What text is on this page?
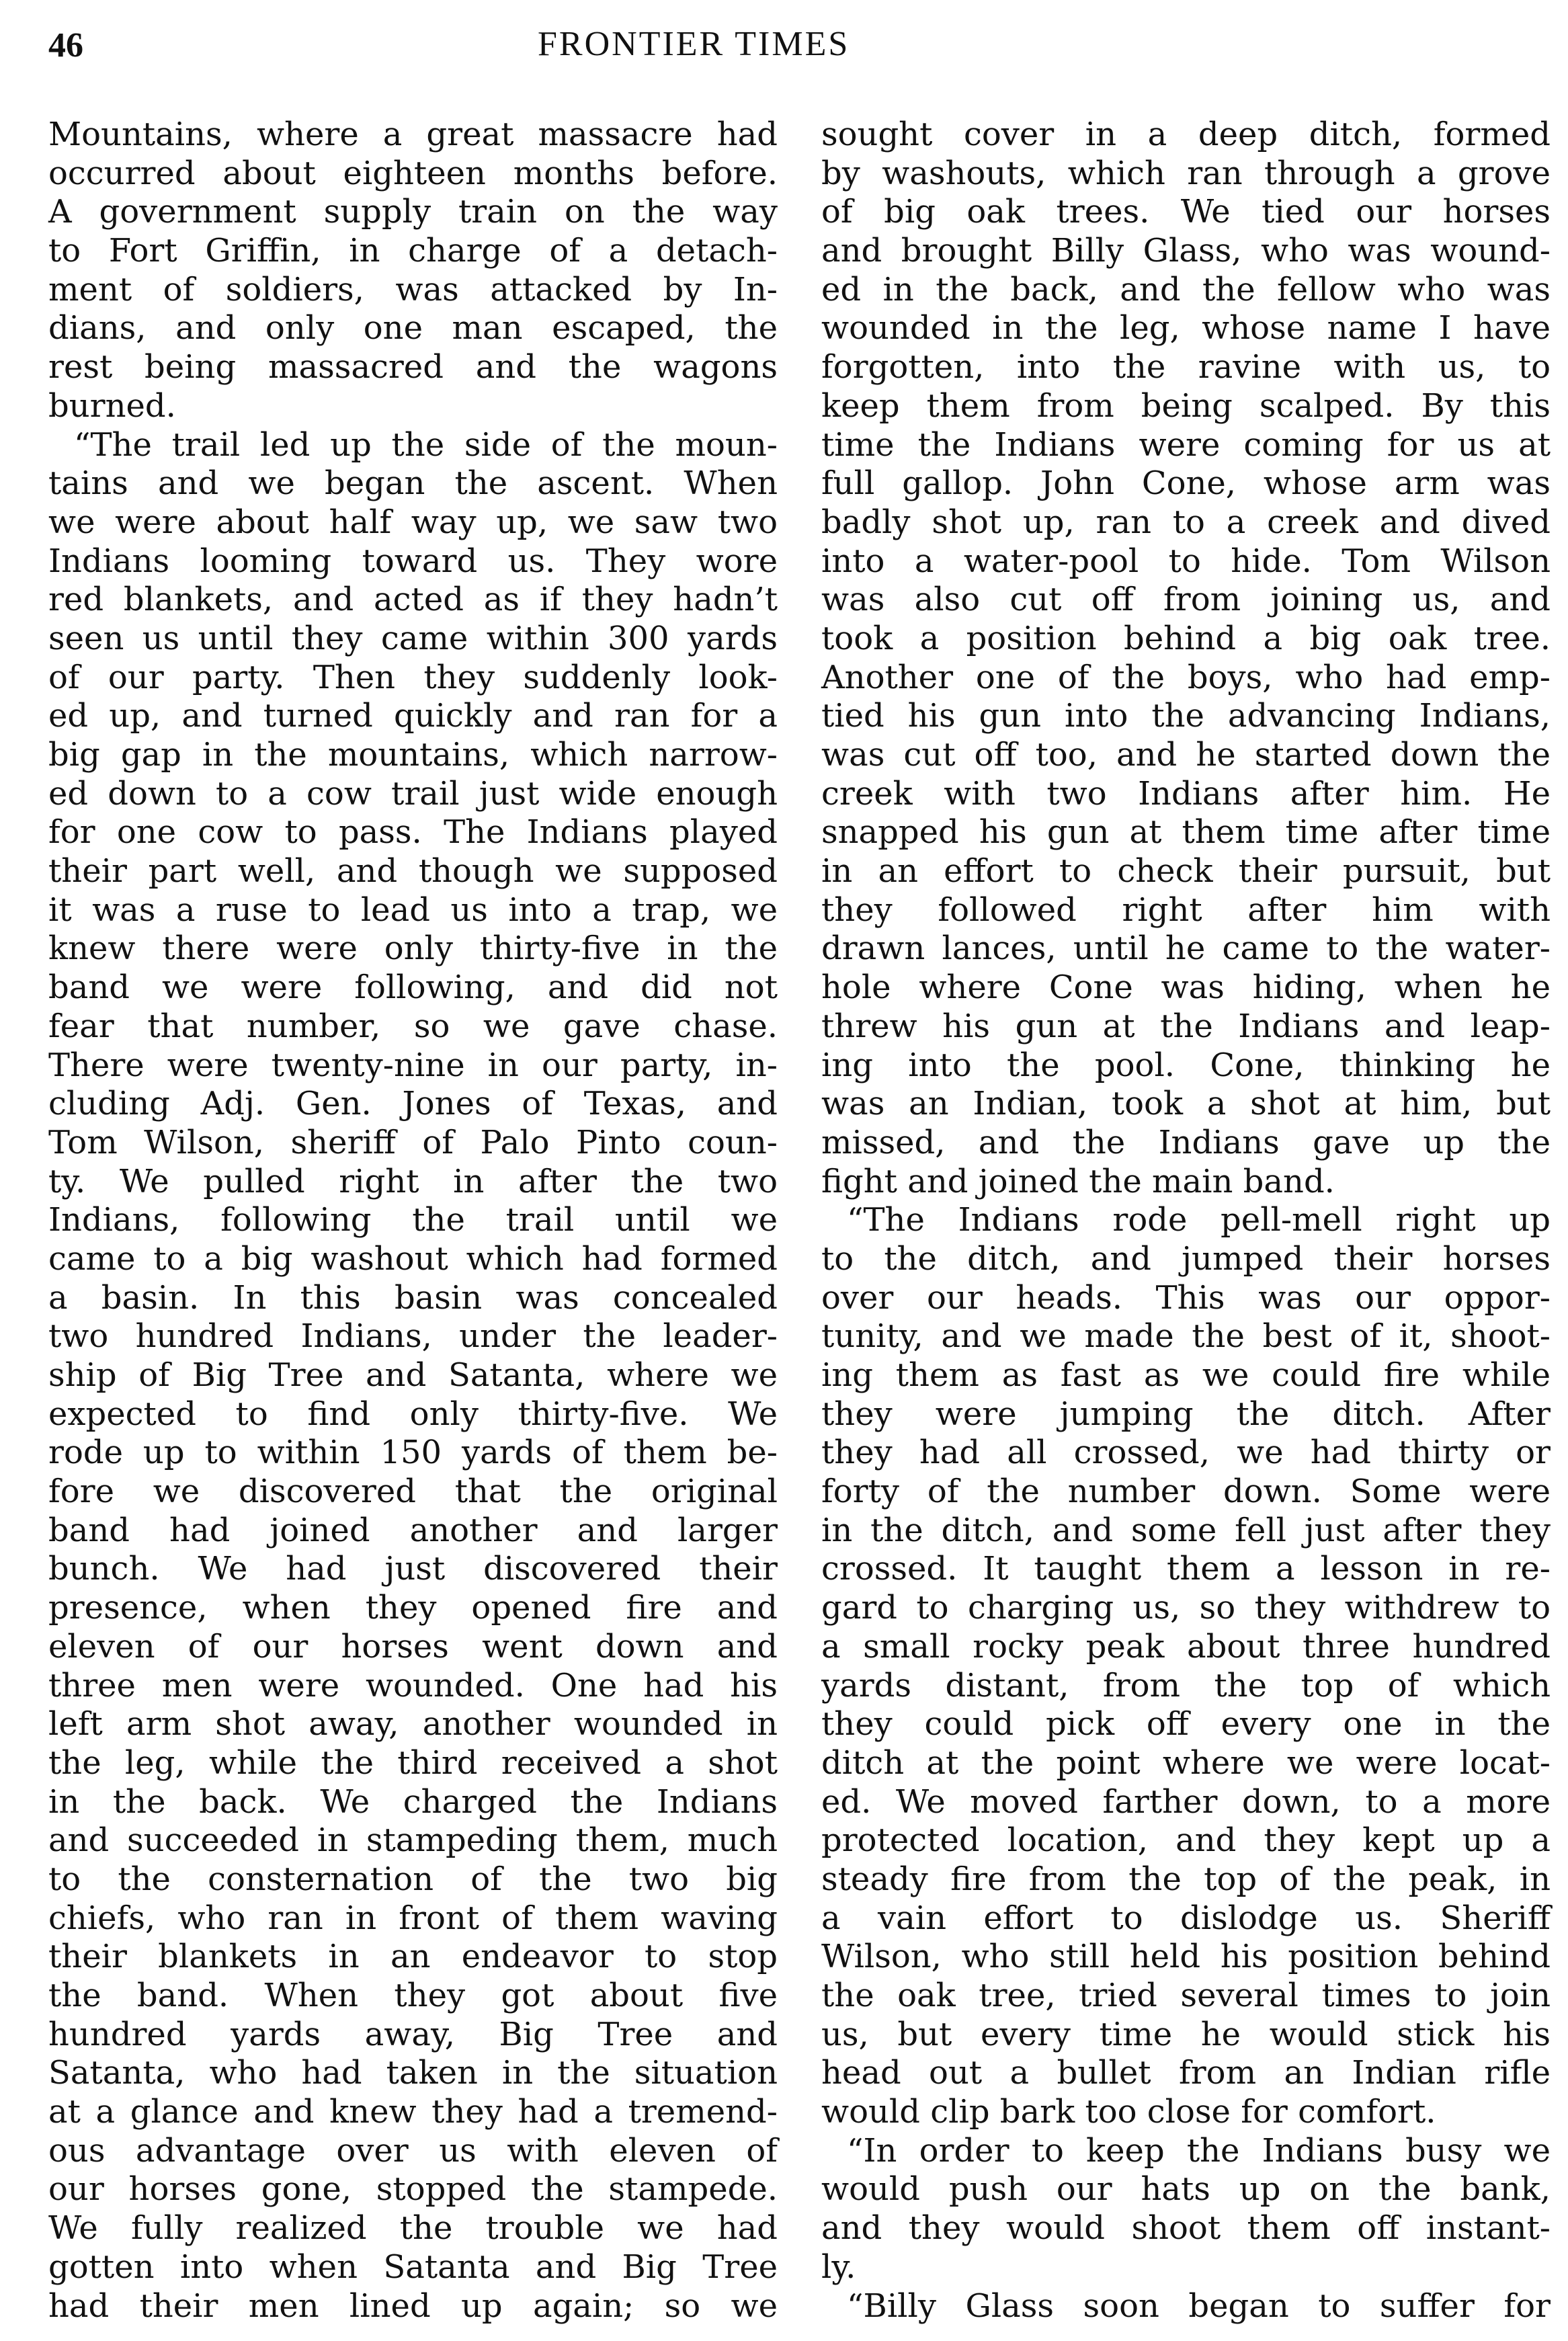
46	FRONTIER TIMES
Mountains, where a great massacre had
occurred about eighteen months before.
A government supply train on the way
to Fort Griffin, in charge of a detach-
ment of soldiers, was attacked by In-
dians, and only one man escaped, the
rest being massacred and the wagons
burned.
“The trail led up the side of the moun-
tains and we began the ascent. When
we were about half way up, we saw two
Indians looming toward us. They wore
red blankets, and acted as if they hadn’t
seen us until they came within 300 yards
of our party. Then they suddenly look-
ed up, and turned quickly and ran for a
big gap in the mountains, which narrow-
ed down to a cow trail just wide enough
for one cow to pass. The Indians played
their part well, and though we supposed
it was a ruse to lead us into a trap, we
knew there were only thirty-five in the
band we were following, and did not
fear that number, so we gave chase.
There were twenty-nine in our party, in-
cluding Adj. Gen. Jones of Texas, and
Tom Wilson, sheriff of Palo Pinto coun-
ty. We pulled right in after the two
Indians, following the trail until we
came to a big washout which had formed
a basin. In this basin was concealed
two hundred Indians, under the leader-
ship of Big Tree and Satanta, where we
expected to find only thirty-five. We
rode up to within 150 yards of them be-
fore we discovered that the original
band had joined another and larger
bunch. We had just discovered their
presence, when they opened fire and
eleven of our horses went down and
three men were wounded. One had his
left arm shot away, another wounded in
the leg, while the third received a shot
in the back. We charged the Indians
and succeeded in stampeding them, much
to the consternation of the two big
chiefs, who ran in front of them waving
their blankets in an endeavor to stop
the band. When they got about five
hundred yards away, Big Tree and
Satanta, who had taken in the situation
at a glance and knew they had a tremend-
ous advantage over us with eleven of
our horses gone, stopped the stampede.
We fully realized the trouble we had
gotten into when Satanta and Big Tree
had their men lined up again; so we
sought cover in a deep ditch, formed
by washouts, which ran through a grove
of big oak trees. We tied our horses
and brought Billy Glass, who was wound-
ed in the back, and the fellow who was
wounded in the leg, whose name I have
forgotten, into the ravine with us, to
keep them from being scalped. By this
time the Indians were coming for us at
full gallop. John Cone, whose arm was
badly shot up, ran to a creek and dived
into a water-pool to hide. Tom Wilson
was also cut off from joining us, and
took a position behind a big oak tree.
Another one of the boys, who had emp-
tied his gun into the advancing Indians,
was cut off too, and he started down the
creek with two Indians after him. He
snapped his gun at them time after time
in an effort to check their pursuit, but
they followed right after him with
drawn lances, until he came to the water-
hole where Cone was hiding, when he
threw his gun at the Indians and leap-
ing into the pool. Cone, thinking he
was an Indian, took a shot at him, but
missed, and the Indians gave up the
fight and joined the main band.
“The Indians rode pell-mell right up
to the ditch, and jumped their horses
over our heads. This was our oppor-
tunity, and we made the best of it, shoot-
ing them as fast as we could fire while
they were jumping the ditch. After
they had all crossed, we had thirty or
forty of the number down. Some were
in the ditch, and some fell just after they
crossed. It taught them a lesson in re-
gard to charging us, so they withdrew to
a small rocky peak about three hundred
yards distant, from the top of which
they could pick off every one in the
ditch at the point where we were locat-
ed. We moved farther down, to a more
protected location, and they kept up a
steady fire from the top of the peak, in
a vain effort to dislodge us. Sheriff
Wilson, who still held his position behind
the oak tree, tried several times to join
us, but every time he would stick his
head out a bullet from an Indian rifle
would clip bark too close for comfort.
“In order to keep the Indians busy we
would push our hats up on the bank,
and they would shoot them off instant-
ly.
“Billy Glass soon began to suffer for
